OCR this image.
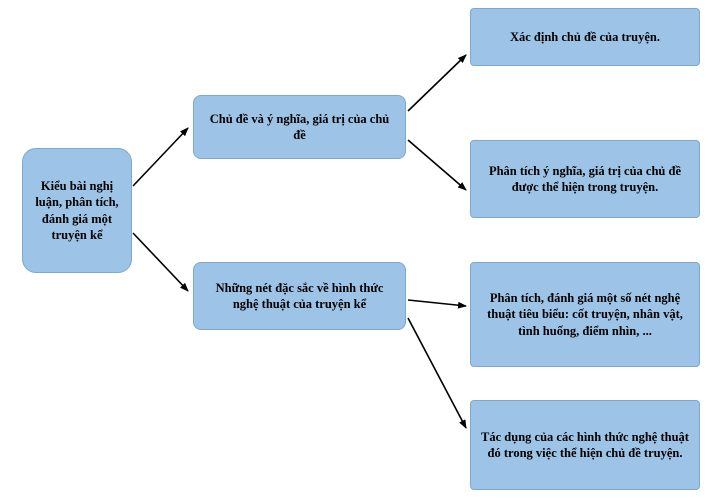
Kiểu bài nghị luận, phân tích, đánh giá một truyện kể
Chủ đề và ý nghĩa, giá trị của chủ đề
Những nét đặc sắc về hình thức nghệ thuật của truyện kể
Xác định chủ đề của truyện.
Phân tích ý nghĩa, giá trị của chủ đề được thể hiện trong truyện.
Phân tích, đánh giá một số nét nghệ thuật tiêu biểu: cốt truyện, nhân vật, tình huống, điểm nhìn, ...
Tác dụng của các hình thức nghệ thuật đó trong việc thể hiện chủ đề truyện.
